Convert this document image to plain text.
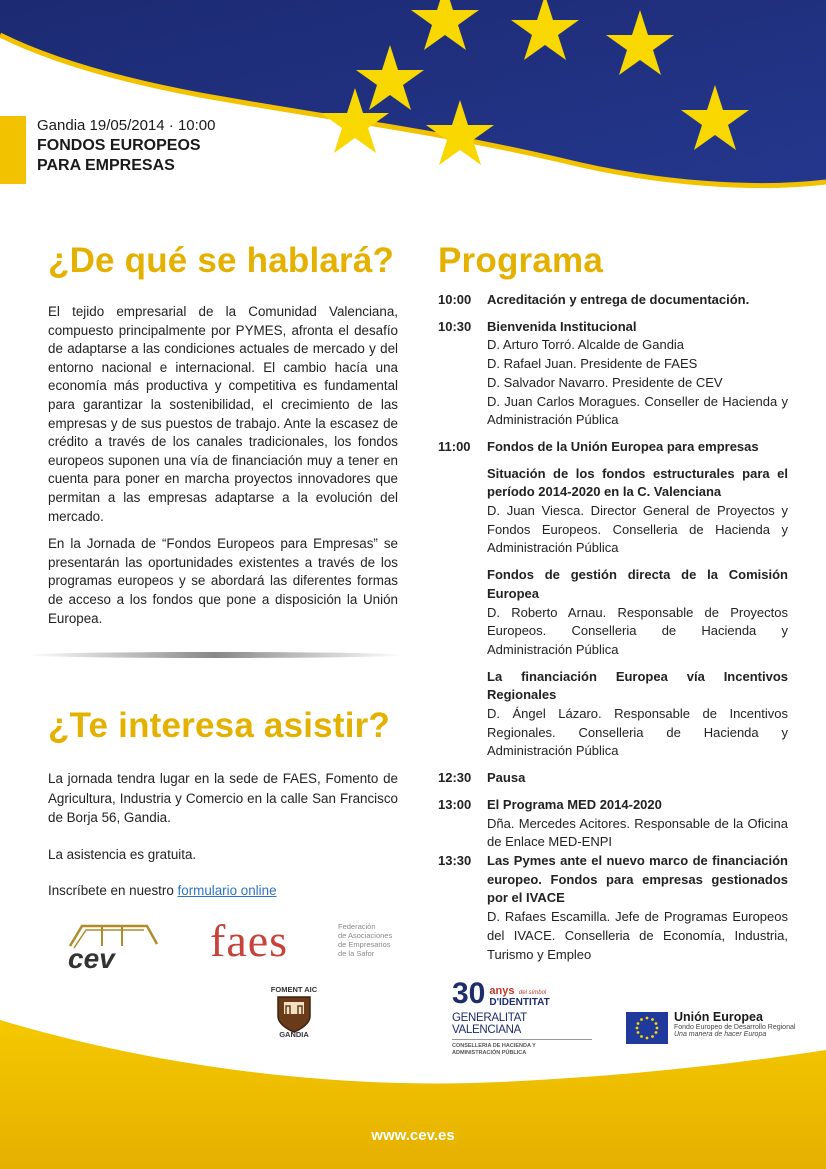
Gandia 19/05/2014 · 10:00
FONDOS EUROPEOS
PARA EMPRESAS
¿De qué se hablará?

El tejido empresarial de la Comunidad Valenciana, compuesto principalmente por PYMES, afronta el desafío de adaptarse a las condiciones actuales de mercado y del entorno nacional e internacional. El cambio hacía una economía más productiva y competitiva es fundamental para garantizar la sostenibilidad, el crecimiento de las empresas y de sus puestos de trabajo. Ante la escasez de crédito a través de los canales tradicionales, los fondos europeos suponen una vía de financiación muy a tener en cuenta para poner en marcha proyectos innovadores que permitan a las empresas adaptarse a la evolución del mercado.

En la Jornada de “Fondos Europeos para Empresas” se presentarán las oportunidades existentes a través de los programas europeos y se abordará las diferentes formas de acceso a los fondos que pone a disposición la Unión Europea.

¿Te interesa asistir?

La jornada tendra lugar en la sede de FAES, Fomento de Agricultura, Industria y Comercio en la calle San Francisco de Borja 56, Gandia.

La asistencia es gratuita.

Inscríbete en nuestro formulario online

Programa
10:00	Acreditación y entrega de documentación.
10:30	Bienvenida Institucional
D. Arturo Torró. Alcalde de Gandia
D. Rafael Juan. Presidente de FAES
D. Salvador Navarro. Presidente de CEV
D. Juan Carlos Moragues. Conseller de Hacienda y Administración Pública
11:00	Fondos de la Unión Europea para empresas
Situación de los fondos estructurales para el período 2014-2020 en la C. Valenciana
D. Juan Viesca. Director General de Proyectos y Fondos Europeos. Conselleria de Hacienda y Administración Pública
Fondos de gestión directa de la Comisión Europea
D. Roberto Arnau. Responsable de Proyectos Europeos. Conselleria de Hacienda y Administración Pública
La financiación Europea vía Incentivos Regionales
D. Ángel Lázaro. Responsable de Incentivos Regionales. Conselleria de Hacienda y Administración Pública
12:30	Pausa
13:00	El Programa MED 2014-2020
Dña. Mercedes Acitores. Responsable de la Oficina de Enlace MED-ENPI
13:30	Las Pymes ante el nuevo marco de financiación europeo. Fondos para empresas gestionados por el IVACE
D. Rafaes Escamilla. Jefe de Programas Europeos del IVACE. Conselleria de Economía, Industria, Turismo y Empleo
www.cev.es
cev faes	Federación
de Asociaciones
de Empresarios
de la Safor
FOMENT AIC
GANDIA
30 anys del símbol
D'IDENTITAT
GENERALITAT VALENCIANA
CONSELLERIA DE HACIENDA Y
ADMINISTRACIÓN PÚBLICA
Unión Europea
Fondo Europeo de Desarrollo Regional
Una manera de hacer Europa
